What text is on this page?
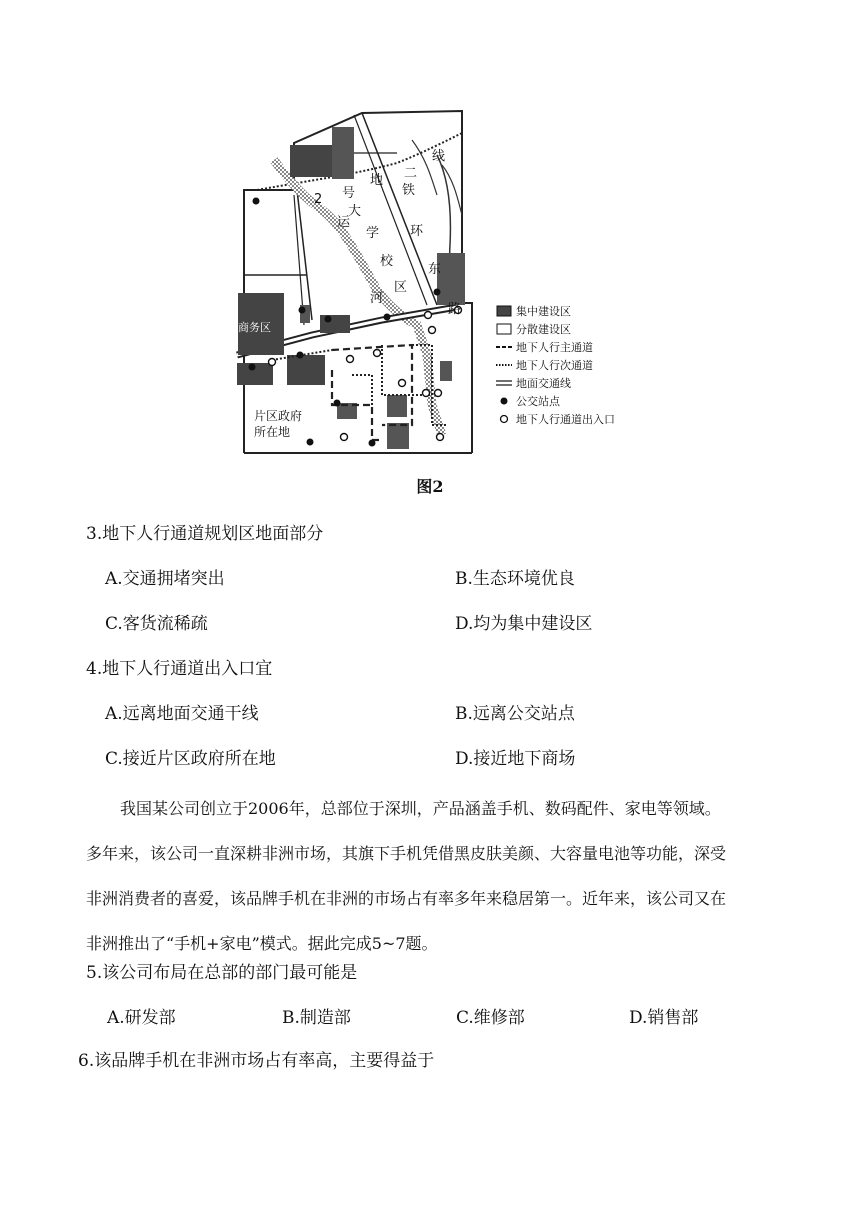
线
铁
二
环
东
路
地
号
2
运
大
学
校
区
河
商务区
片区政府
所在地
集中建设区
分散建设区
地下人行主通道
地下人行次通道
地面交通线
公交站点
地下人行通道出入口
图2
3.地下人行通道规划区地面部分
A.交通拥堵突出	B.生态环境优良
C.客货流稀疏	D.均为集中建设区
4.地下人行通道出入口宜
A.远离地面交通干线	B.远离公交站点
C.接近片区政府所在地	D.接近地下商场
我国某公司创立于2006年，总部位于深圳，产品涵盖手机、数码配件、家电等领域。
多年来，该公司一直深耕非洲市场，其旗下手机凭借黑皮肤美颜、大容量电池等功能，深受
非洲消费者的喜爱，该品牌手机在非洲的市场占有率多年来稳居第一。近年来，该公司又在
非洲推出了“手机+家电”模式。据此完成5~7题。
5.该公司布局在总部的部门最可能是
A.研发部	B.制造部	C.维修部	D.销售部
6.该品牌手机在非洲市场占有率高，主要得益于
